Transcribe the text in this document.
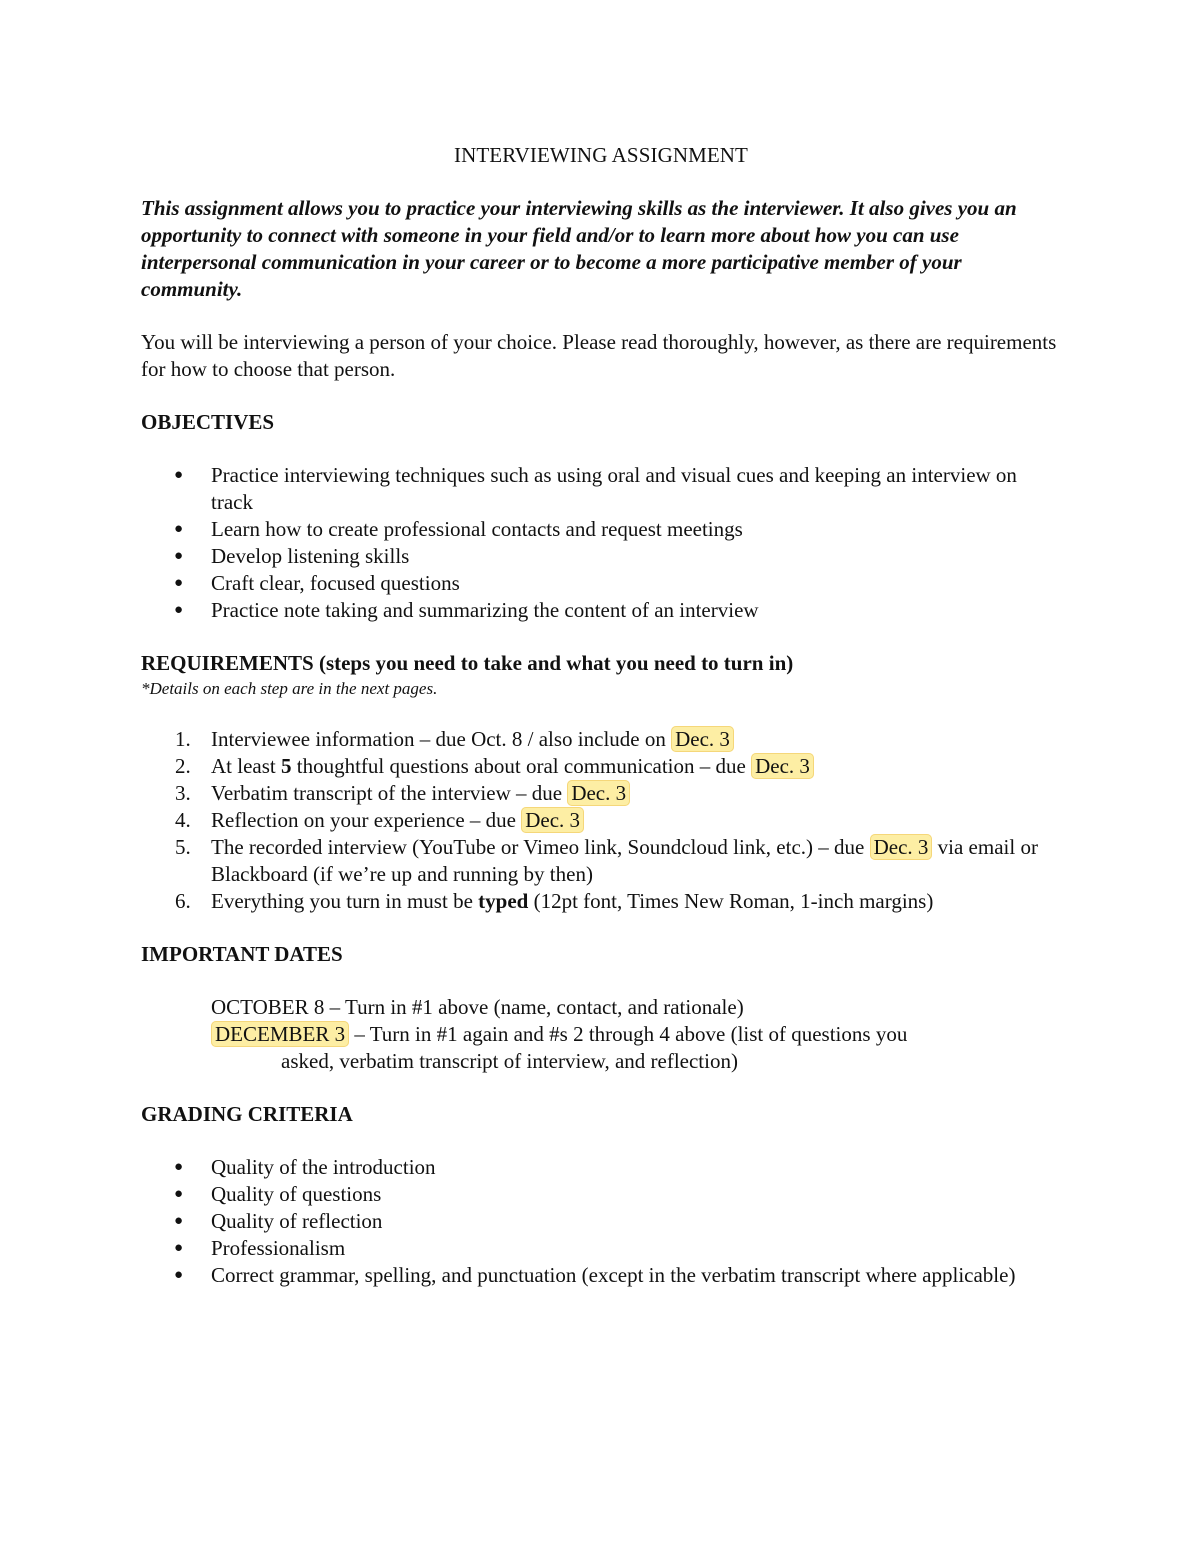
INTERVIEWING ASSIGNMENT

This assignment allows you to practice your interviewing skills as the interviewer. It also gives you an opportunity to connect with someone in your field and/or to learn more about how you can use interpersonal communication in your career or to become a more participative member of your community.

You will be interviewing a person of your choice. Please read thoroughly, however, as there are requirements for how to choose that person.

OBJECTIVES
● Practice interviewing techniques such as using oral and visual cues and keeping an interview on track
● Learn how to create professional contacts and request meetings
● Develop listening skills
● Craft clear, focused questions
● Practice note taking and summarizing the content of an interview
REQUIREMENTS (steps you need to take and what you need to turn in)

*Details on each step are in the next pages.

1. Interviewee information – due Oct. 8 / also include on Dec. 3
2. At least 5 thoughtful questions about oral communication – due Dec. 3
3. Verbatim transcript of the interview – due Dec. 3
4. Reflection on your experience – due Dec. 3
5. The recorded interview (YouTube or Vimeo link, Soundcloud link, etc.) – due Dec. 3 via email or Blackboard (if we’re up and running by then)
6. Everything you turn in must be typed (12pt font, Times New Roman, 1-inch margins)
IMPORTANT DATES

OCTOBER 8 – Turn in #1 above (name, contact, and rationale)

DECEMBER 3 – Turn in #1 again and #s 2 through 4 above (list of questions you

asked, verbatim transcript of interview, and reflection)

GRADING CRITERIA
● Quality of the introduction
● Quality of questions
● Quality of reflection
● Professionalism
● Correct grammar, spelling, and punctuation (except in the verbatim transcript where applicable)
